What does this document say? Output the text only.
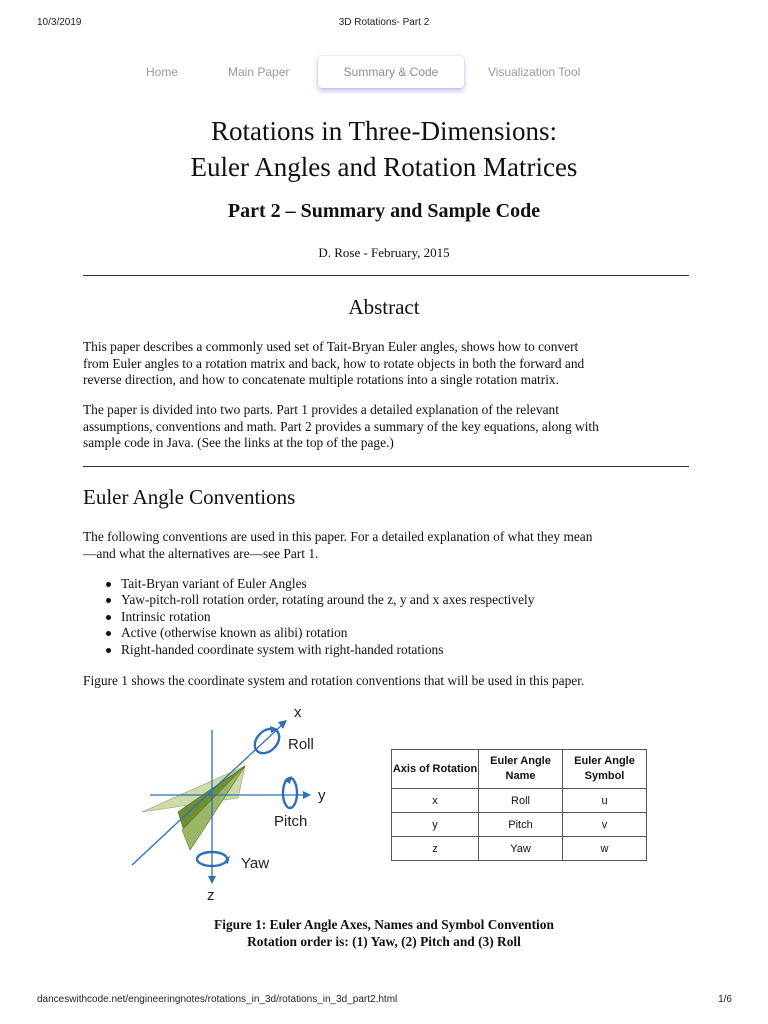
10/3/2019	3D Rotations- Part 2
Home	Main Paper	Summary & Code	Visualization Tool
Rotations in Three-Dimensions:
Euler Angles and Rotation Matrices
Part 2 – Summary and Sample Code
D. Rose - February, 2015
Abstract
This paper describes a commonly used set of Tait-Bryan Euler angles, shows how to convert
from Euler angles to a rotation matrix and back, how to rotate objects in both the forward and
reverse direction, and how to concatenate multiple rotations into a single rotation matrix.
The paper is divided into two parts. Part 1 provides a detailed explanation of the relevant
assumptions, conventions and math. Part 2 provides a summary of the key equations, along with
sample code in Java. (See the links at the top of the page.)
Euler Angle Conventions
The following conventions are used in this paper. For a detailed explanation of what they mean
—and what the alternatives are—see Part 1.
Tait-Bryan variant of Euler Angles
Yaw-pitch-roll rotation order, rotating around the z, y and x axes respectively
Intrinsic rotation
Active (otherwise known as alibi) rotation
Right-handed coordinate system with right-handed rotations
Figure 1 shows the coordinate system and rotation conventions that will be used in this paper.
x
Roll
y
Pitch
Yaw
z
Axis of Rotation	Euler Angle Name	Euler Angle Symbol
x	Roll	u
y	Pitch	v
z	Yaw	w
Figure 1: Euler Angle Axes, Names and Symbol Convention
Rotation order is: (1) Yaw, (2) Pitch and (3) Roll
danceswithcode.net/engineeringnotes/rotations_in_3d/rotations_in_3d_part2.html	1/6
